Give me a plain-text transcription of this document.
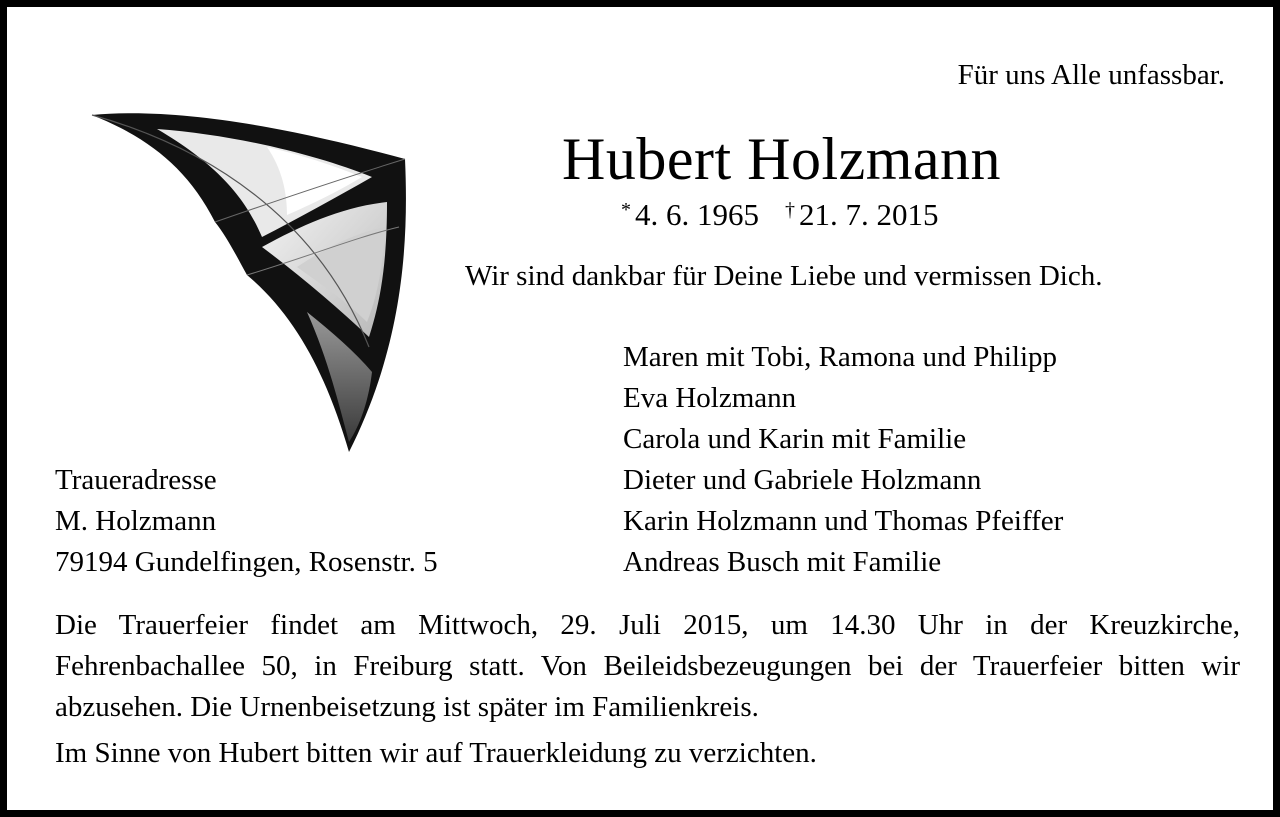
Für uns Alle unfassbar.
Hubert Holzmann
* 4. 6. 1965 † 21. 7. 2015
Wir sind dankbar für Deine Liebe und vermissen Dich.
Maren mit Tobi, Ramona und Philipp
Eva Holzmann
Carola und Karin mit Familie
Dieter und Gabriele Holzmann
Karin Holzmann und Thomas Pfeiffer
Andreas Busch mit Familie
Traueradresse
M. Holzmann
79194 Gundelfingen, Rosenstr. 5
Die Trauerfeier findet am Mittwoch, 29. Juli 2015, um 14.30 Uhr in der Kreuzkirche, Fehrenbachallee 50, in Freiburg statt. Von Beileidsbezeugungen bei der Trauerfeier bitten wir abzusehen. Die Urnenbeisetzung ist später im Familienkreis.
Im Sinne von Hubert bitten wir auf Trauerkleidung zu verzichten.
